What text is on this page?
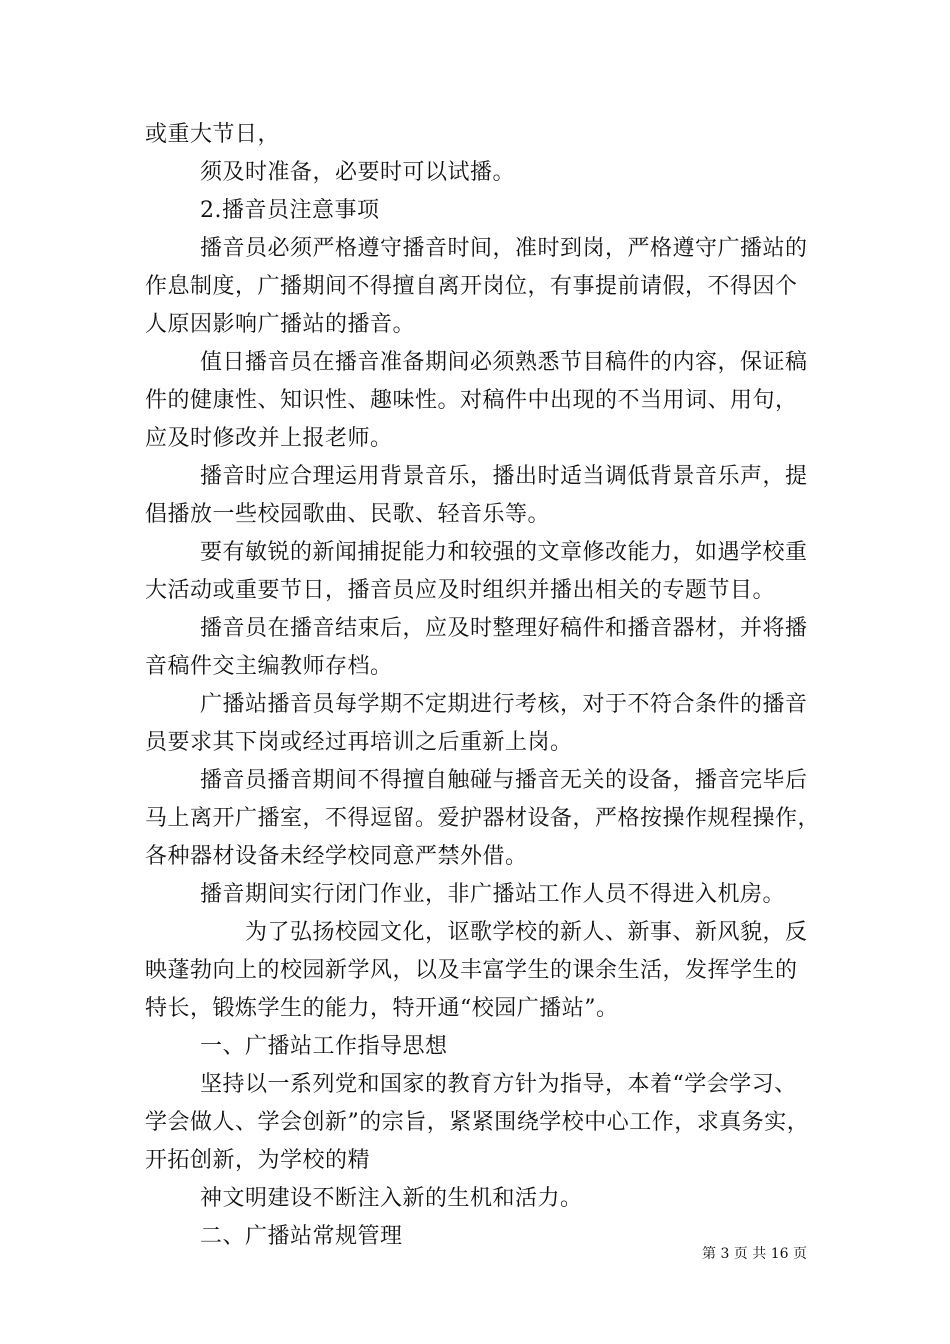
或重大节日，
须及时准备，必要时可以试播。
2.播音员注意事项
播音员必须严格遵守播音时间，准时到岗，严格遵守广播站的
作息制度，广播期间不得擅自离开岗位，有事提前请假，不得因个
人原因影响广播站的播音。
值日播音员在播音准备期间必须熟悉节目稿件的内容，保证稿
件的健康性、知识性、趣味性。对稿件中出现的不当用词、用句，
应及时修改并上报老师。
播音时应合理运用背景音乐，播出时适当调低背景音乐声，提
倡播放一些校园歌曲、民歌、轻音乐等。
要有敏锐的新闻捕捉能力和较强的文章修改能力，如遇学校重
大活动或重要节日，播音员应及时组织并播出相关的专题节目。
播音员在播音结束后，应及时整理好稿件和播音器材，并将播
音稿件交主编教师存档。
广播站播音员每学期不定期进行考核，对于不符合条件的播音
员要求其下岗或经过再培训之后重新上岗。
播音员播音期间不得擅自触碰与播音无关的设备，播音完毕后
马上离开广播室，不得逗留。爱护器材设备，严格按操作规程操作，
各种器材设备未经学校同意严禁外借。
播音期间实行闭门作业，非广播站工作人员不得进入机房。
为了弘扬校园文化，讴歌学校的新人、新事、新风貌，反
映蓬勃向上的校园新学风，以及丰富学生的课余生活，发挥学生的
特长，锻炼学生的能力，特开通“校园广播站”。
一、广播站工作指导思想
坚持以一系列党和国家的教育方针为指导，本着“学会学习、
学会做人、学会创新”的宗旨，紧紧围绕学校中心工作，求真务实，
开拓创新，为学校的精
神文明建设不断注入新的生机和活力。
二、广播站常规管理
第 3 页 共 16 页
